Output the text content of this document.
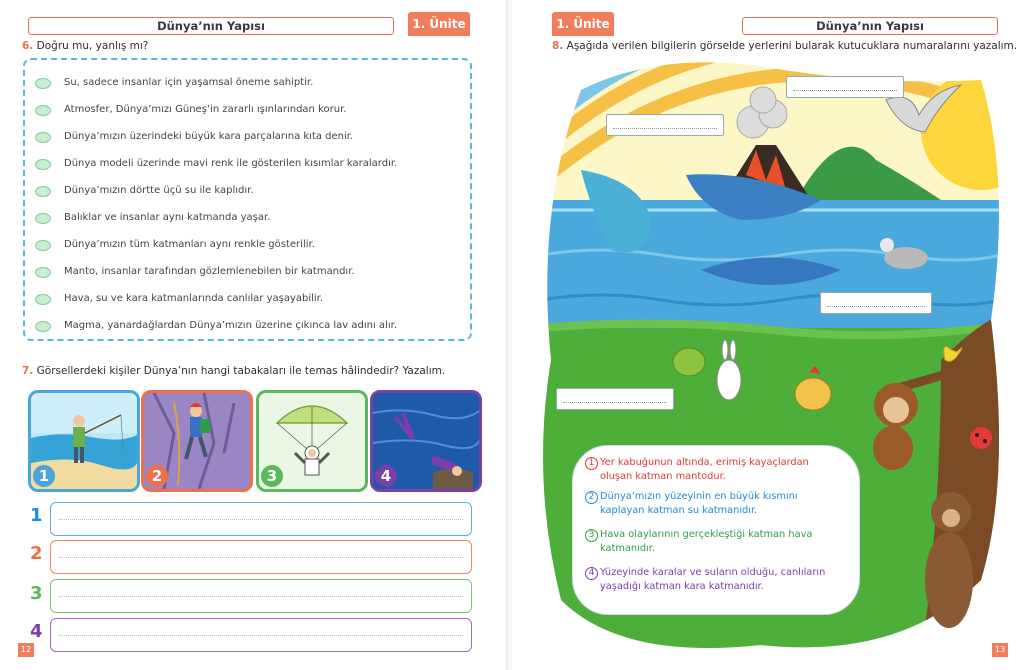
Dünya’nın Yapısı	1. Ünite
6. Doğru mu, yanlış mı?
Su, sadece insanlar için yaşamsal öneme sahiptir.
Atmosfer, Dünya’mızı Güneş’in zararlı ışınlarından korur.
Dünya’mızın üzerindeki büyük kara parçalarına kıta denir.
Dünya modeli üzerinde mavi renk ile gösterilen kısımlar karalardır.
Dünya’mızın dörtte üçü su ile kaplıdır.
Balıklar ve insanlar aynı katmanda yaşar.
Dünya’mızın tüm katmanları aynı renkle gösterilir.
Manto, insanlar tarafından gözlemlenebilen bir katmandır.
Hava, su ve kara katmanlarında canlılar yaşayabilir.
Magma, yanardağlardan Dünya’mızın üzerine çıkınca lav adını alır.
7. Görsellerdeki kişiler Dünya’nın hangi tabakaları ile temas hâlindedir? Yazalım.
1	2	3	4
1
2
3
4
12
1. Ünite	Dünya’nın Yapısı
8. Aşağıda verilen bilgilerin görselde yerlerini bularak kutucuklara numaralarını yazalım.
13
1 Yer kabuğunun altında, erimiş kayaçlardan oluşan katman mantodur.
2 Dünya’mızın yüzeyinin en büyük kısmını kaplayan katman su katmanıdır.
3 Hava olaylarının gerçekleştiği katman hava katmanıdır.
4 Yüzeyinde karalar ve suların olduğu, canlıların yaşadığı katman kara katmanıdır.
